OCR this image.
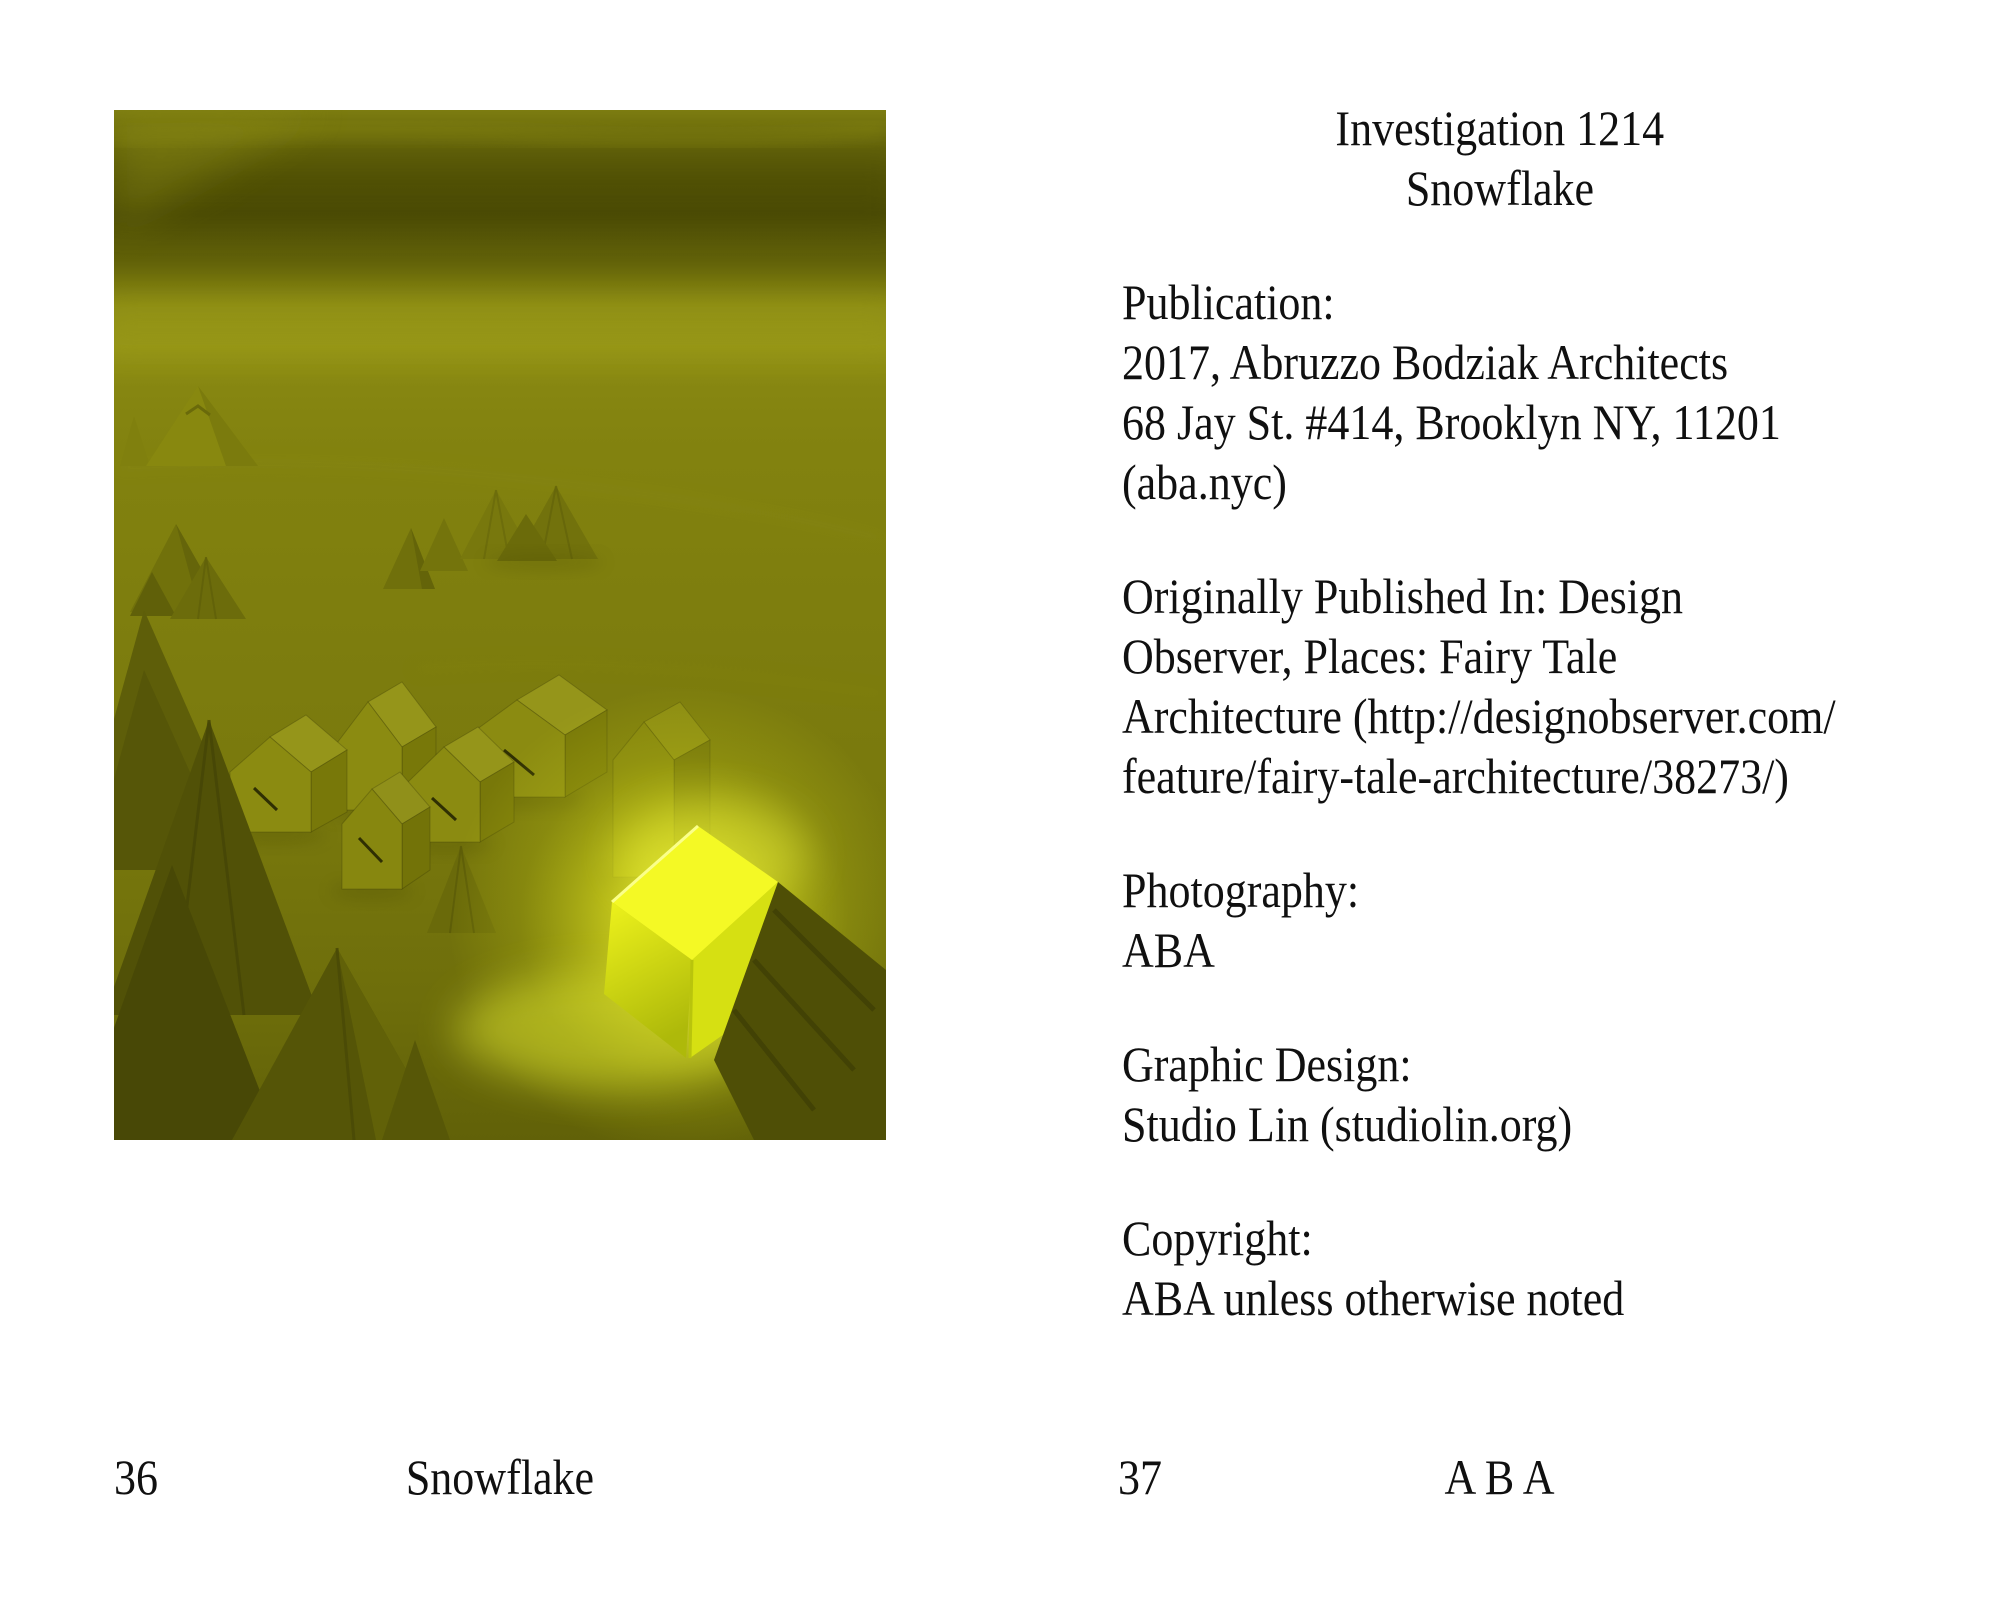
36	Snowflake
Investigation 1214
Snowflake
Publication:
2017, Abruzzo Bodziak Architects
68 Jay St. #414, Brooklyn NY, 11201
(aba.nyc)
Originally Published In: Design
Observer, Places: Fairy Tale
Architecture (http://designobserver.com/
feature/fairy-tale-architecture/38273/)
Photography:
ABA
Graphic Design:
Studio Lin (studiolin.org)
Copyright:
ABA unless otherwise noted
37	A B A
